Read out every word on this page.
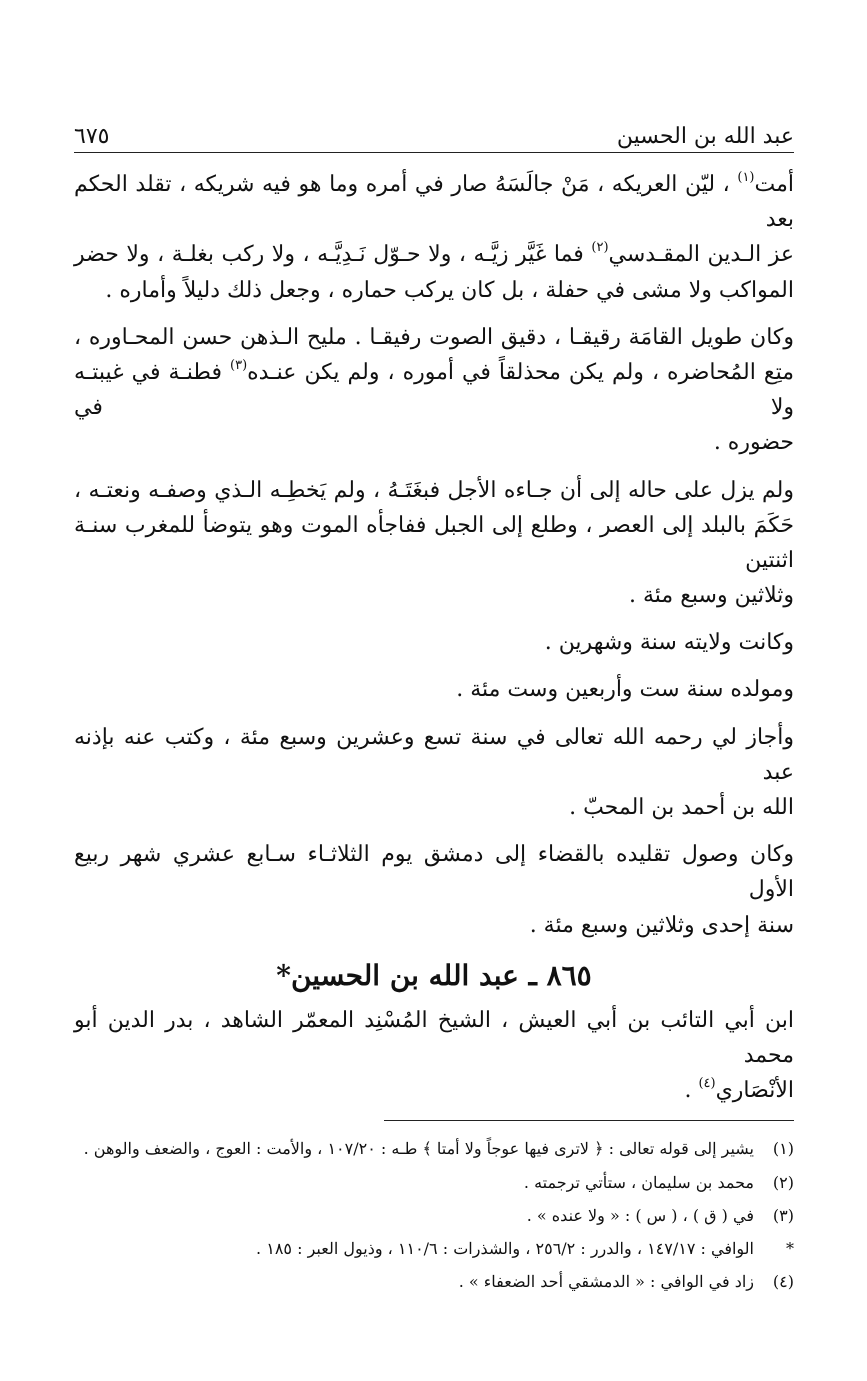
عبد الله بن الحسين
٦٧٥

أمت$^{(١)}$ ، ليّن العريكه ، مَنْ جالَسَهُ صار في أمره وما هو فيه شريكه ، تقلد الحكم بعد
عز الـدين المقـدسي$^{(٢)}$ فما غَيَّر زيَّـه ، ولا حـوّل نَـدِيَّـه ، ولا ركب بغلـة ، ولا حضر
المواكب ولا مشى في حفلة ، بل كان يركب حماره ، وجعل ذلك دليلاً وأماره .

وكان طويل القامَة رقيقـا ، دقيق الصوت رفيقـا . مليح الـذهن حسن المحـاوره ،
متِع المُحاضره ، ولم يكن محذلقاً في أموره ، ولم يكن عنـده$^{(٣)}$ فطنـة في غيبتـه ولا في
حضوره .

ولم يزل على حاله إلى أن جـاءه الأجل فبغَتَـهُ ، ولم يَخطِـه الـذي وصفـه ونعتـه ،
حَكَمَ بالبلد إلى العصر ، وطلع إلى الجبل ففاجأه الموت وهو يتوضأ للمغرب سنـة اثنتين
وثلاثين وسبع مئة .

وكانت ولايته سنة وشهرين .

ومولده سنة ست وأربعين وست مئة .

وأجاز لي رحمه الله تعالى في سنة تسع وعشرين وسبع مئة ، وكتب عنه بإذنه عبد
الله بن أحمد بن المحبّ .

وكان وصول تقليده بالقضاء إلى دمشق يوم الثلاثـاء سـابع عشري شهر ربيع الأول
سنة إحدى وثلاثين وسبع مئة .

٨٦٥ ـ عبد الله بن الحسين*

ابن أبي التائب بن أبي العيش ، الشيخ المُسْنِد المعمّر الشاهد ، بدر الدين أبو محمد
الأنْصَاري$^{(٤)}$ .

(١)
يشير إلى قوله تعالى : ﴿ لاترى فيها عوجاً ولا أمتا ﴾ طـه : ١٠٧/٢٠ ، والأمت : العوج ، والضعف والوهن .
(٢)
محمد بن سليمان ، ستأتي ترجمته .
(٣)
في ( ق ) ، ( س ) : « ولا عنده » .
*
الوافي : ١٤٧/١٧ ، والدرر : ٢٥٦/٢ ، والشذرات : ١١٠/٦ ، وذيول العبر : ١٨٥ .
(٤)
زاد في الوافي : « الدمشقي أحد الضعفاء » .
